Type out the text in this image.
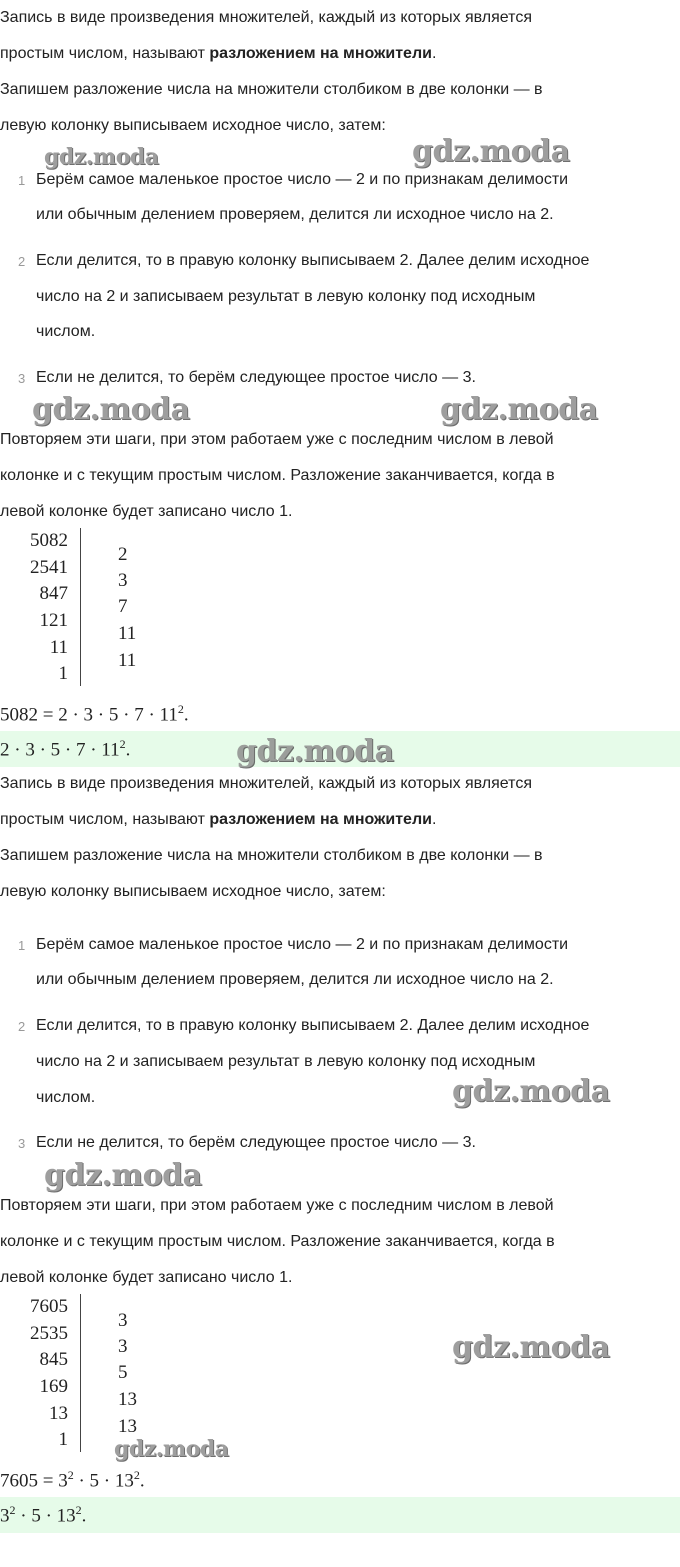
Запись в виде произведения множителей, каждый из которых является
простым числом, называют разложением на множители.
Запишем разложение числа на множители столбиком в две колонки — в
левую колонку выписываем исходное число, затем:
1 Берём самое маленькое простое число — 2 и по признакам делимости
или обычным делением проверяем, делится ли исходное число на 2.
2 Если делится, то в правую колонку выписываем 2. Далее делим исходное
число на 2 и записываем результат в левую колонку под исходным
числом.
3 Если не делится, то берём следующее простое число — 3.
Повторяем эти шаги, при этом работаем уже с последним числом в левой
колонке и с текущим простым числом. Разложение заканчивается, когда в
левой колонке будет записано число 1.
5082
2541
847
121
11
1
2
3
7
11
11
$5082 = 2 \cdot 3 \cdot 5 \cdot 7 \cdot 11^2$.
$2 \cdot 3 \cdot 5 \cdot 7 \cdot 11^2$.
Запись в виде произведения множителей, каждый из которых является
простым числом, называют разложением на множители.
Запишем разложение числа на множители столбиком в две колонки — в
левую колонку выписываем исходное число, затем:
1 Берём самое маленькое простое число — 2 и по признакам делимости
или обычным делением проверяем, делится ли исходное число на 2.
2 Если делится, то в правую колонку выписываем 2. Далее делим исходное
число на 2 и записываем результат в левую колонку под исходным
числом.
3 Если не делится, то берём следующее простое число — 3.
Повторяем эти шаги, при этом работаем уже с последним числом в левой
колонке и с текущим простым числом. Разложение заканчивается, когда в
левой колонке будет записано число 1.
7605
2535
845
169
13
1
3
3
5
13
13
$7605 = 3^2 \cdot 5 \cdot 13^2$.
$3^2 \cdot 5 \cdot 13^2$.
gdz.moda	gdz.moda
gdz.moda	gdz.moda
gdz.moda
gdz.moda
gdz.moda
gdz.moda
gdz.moda
